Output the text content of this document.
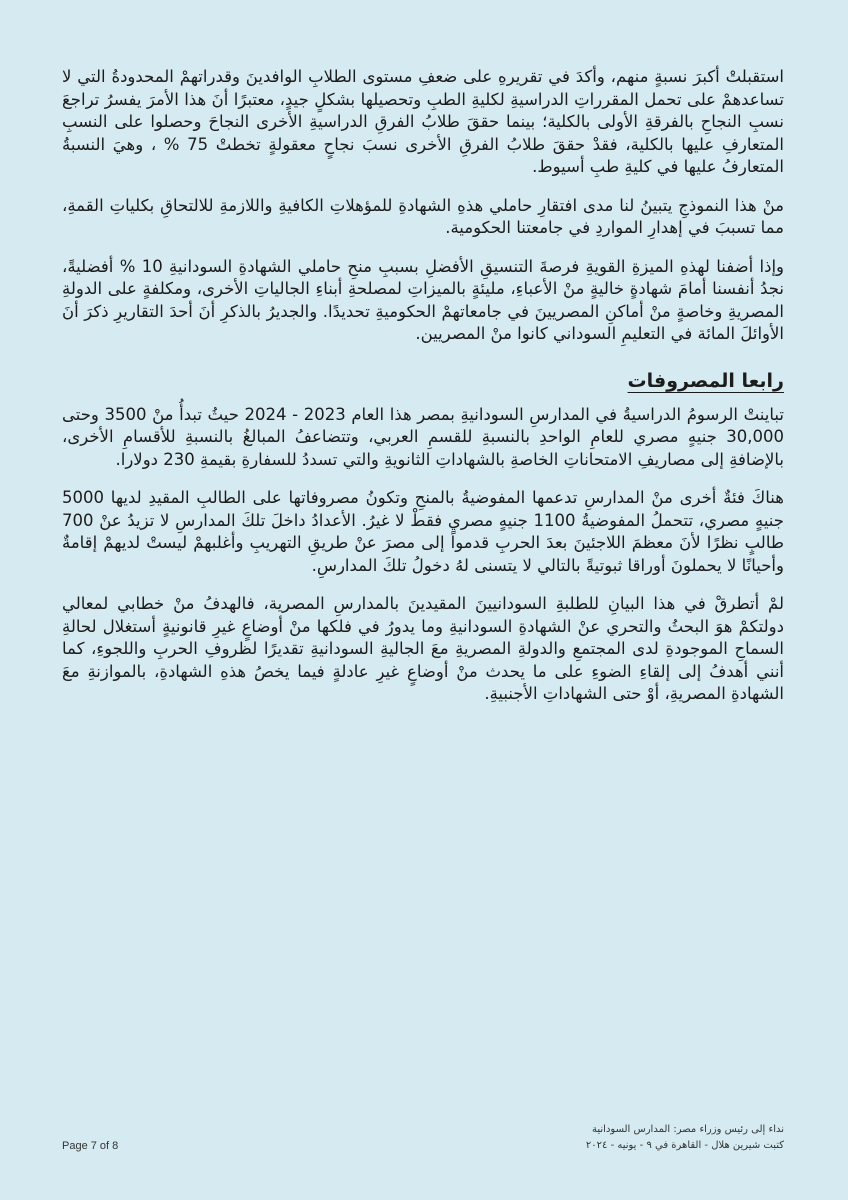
استقبلتْ أكبرَ نسبةٍ منهم، وأكدَ في تقريرهِ على ضعفِ مستوى الطلابِ الوافدينَ وقدراتهمْ المحدودةُ التي لا تساعدهمْ على تحمل المقرراتِ الدراسيةِ لكليةِ الطبِ وتحصيلها بشكلٍ جيدٍ، معتبرًا أنَ هذا الأمرَ يفسرُ تراجعَ نسبِ النجاحِ بالفرقةِ الأولى بالكلية؛ بينما حققَ طلابُ الفرقِ الدراسيةِ الأخرى النجاحَ وحصلوا على النسبِ المتعارفِ عليها بالكلية، فقدْ حققَ طلابُ الفرقِ الأخرى نسبَ نجاحٍ معقولةٍ تخطتْ 75 % ، وهيَ النسبةُ المتعارفُ عليها في كليةِ طبِ أسيوط.

منْ هذا النموذجِ يتبينُ لنا مدى افتقارِ حاملي هذهِ الشهادةِ للمؤهلاتِ الكافيةِ واللازمةِ للالتحاقِ بكلياتِ القمةِ، مما تسببَ في إهدارِ المواردِ في جامعتنا الحكومية.

وإذا أضفنا لهذهِ الميزةِ القويةِ فرصةَ التنسيقِ الأفضلِ بسببِ منحِ حاملي الشهادةِ السودانيةِ 10 % أفضليةً، نجدُ أنفسنا أمامَ شهادةٍ خاليةٍ منْ الأعباءِ، مليئةٍ بالميزاتِ لمصلحةِ أبناءِ الجالياتِ الأخرى، ومكلفةٍ على الدولةِ المصريةِ وخاصةٍ منْ أماكنِ المصريينَ في جامعاتهمْ الحكوميةِ تحديدًا. والجديرُ بالذكرِ أنَ أحدَ التقاريرِ ذكرَ أنَ الأوائلَ المائة في التعليمِ السوداني كانوا منْ المصريين.

رابعا المصروفات

تباينتْ الرسومُ الدراسيةُ في المدارسِ السودانيةِ بمصر هذا العام 2023 - 2024 حيثُ تبدأُ منْ 3500 وحتى 30,000 جنيهٍ مصري للعامِ الواحدِ بالنسبةِ للقسمِ العربي، وتتضاعفُ المبالغُ بالنسبةِ للأقسامِ الأخرى، بالإضافةِ إلى مصاريفِ الامتحاناتِ الخاصةِ بالشهاداتِ الثانويةِ والتي تسددُ للسفارةِ بقيمةِ 230 دولارا.

هناكَ فئةٌ أخرى منْ المدارسِ تدعمها المفوضيةُ بالمنحِ وتكونُ مصروفاتها على الطالبِ المقيدِ لديها 5000 جنيهٍ مصري، تتحملُ المفوضيةُ 1100 جنيهٍ مصريٍ فقطْ لا غيرُ. الأعدادُ داخلَ تلكَ المدارسِ لا تزيدُ عنْ 700 طالبٍ نظرًا لأنَ معظمَ اللاجئينَ بعدَ الحربِ قدموا إلى مصرَ عنْ طريقِ التهريبِ وأغلبهمْ ليستْ لديهمْ إقامةٌ وأحيانًا لا يحملونَ أوراقا ثبوتيةً بالتالي لا يتسنى لهُ دخولُ تلكَ المدارسِ.

لمْ أتطرقْ في هذا البيانِ للطلبةِ السودانيينَ المقيدينَ بالمدارسِ المصرية، فالهدفُ منْ خطابي لمعالي دولتكمْ هوَ البحثُ والتحري عنْ الشهادةِ السودانيةِ وما يدورُ في فلكها منْ أوضاعٍ غيرِ قانونيةٍ أستغلال لحالةِ السماحِ الموجودةِ لدى المجتمعِ والدولةِ المصريةِ معَ الجاليةِ السودانيةِ تقديرًا لظروفِ الحربِ واللجوءِ، كما أنني أهدفُ إلى إلقاءِ الضوءِ على ما يحدث منْ أوضاعٍ غيرِ عادلةٍ فيما يخصُ هذهِ الشهادةِ، بالموازنةِ معَ الشهادةِ المصريةِ، أوْ حتى الشهاداتِ الأجنبيةِ.

Page 7 of 8
نداء إلى رئيس وزراء مصر: المدارس السودانية
كتبت شيرين هلال - القاهرة في ٩ - يونيه - ٢٠٢٤
